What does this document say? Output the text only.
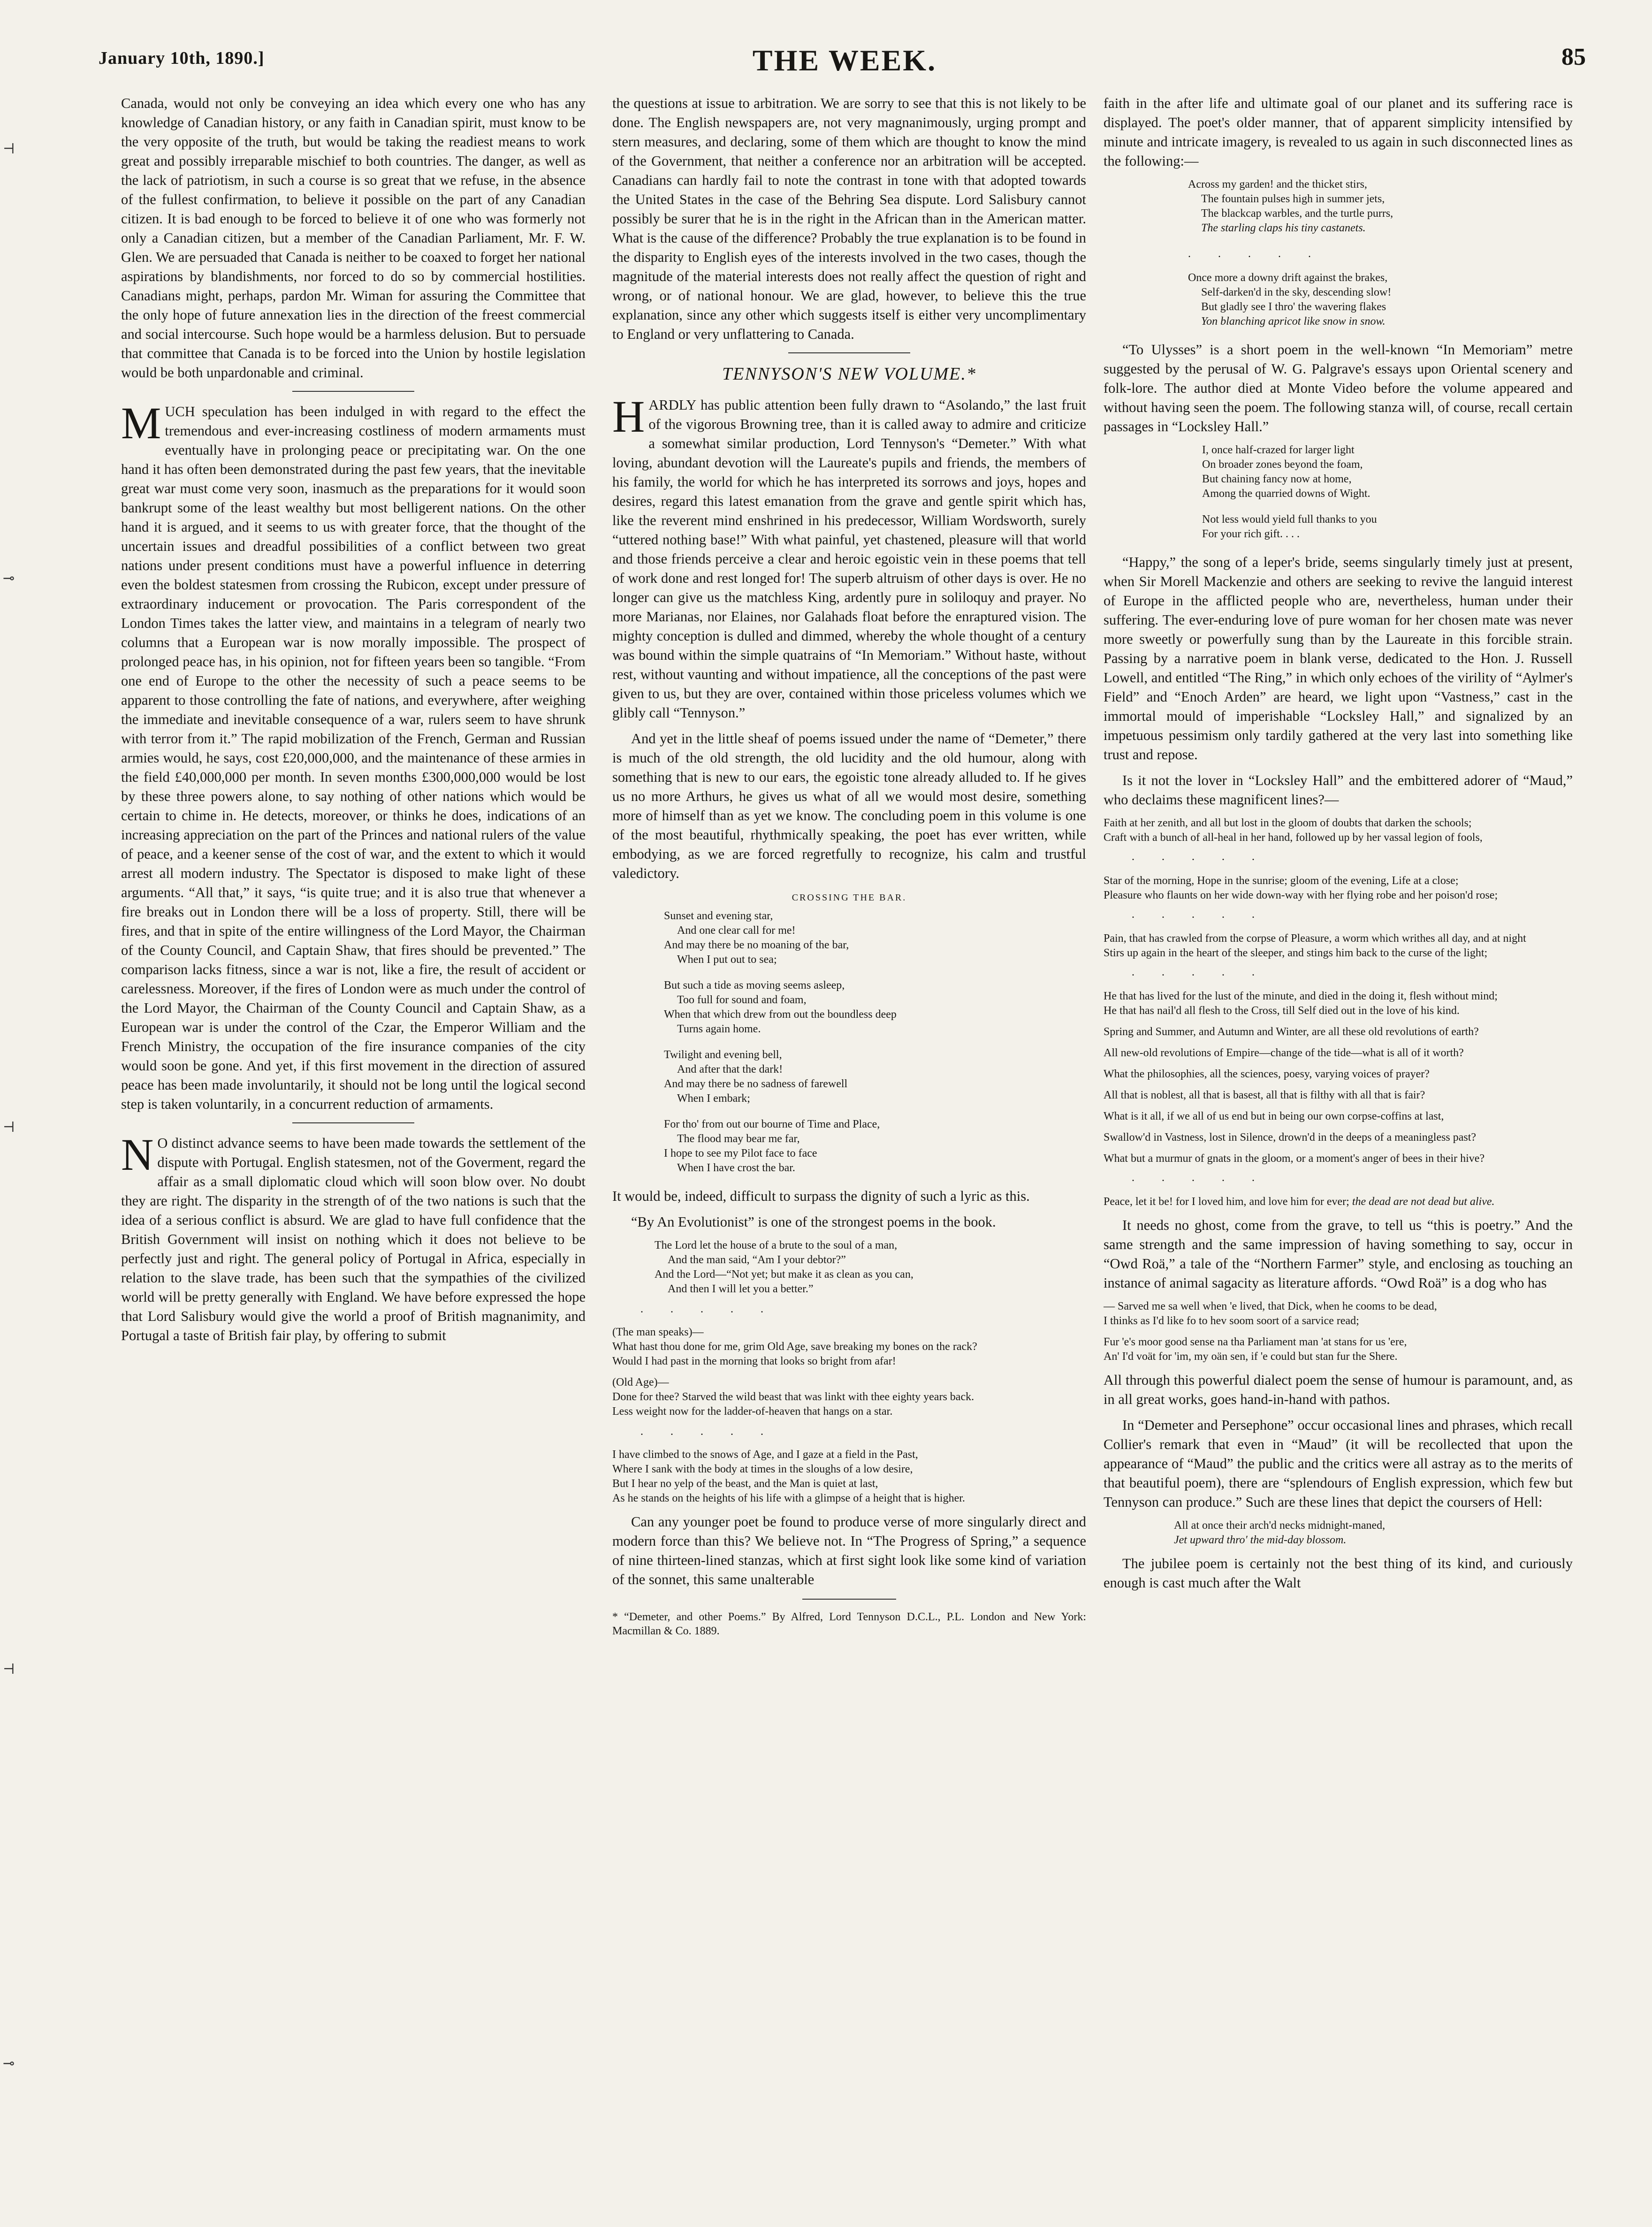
January 10th, 1890.]	THE WEEK.	85
⊣
⊸
⊣
⊣
⊸

Canada, would not only be conveying an idea which every one who has any knowledge of Canadian history, or any faith in Canadian spirit, must know to be the very opposite of the truth, but would be taking the readiest means to work great and possibly irreparable mischief to both countries. The danger, as well as the lack of patriotism, in such a course is so great that we refuse, in the absence of the fullest confirmation, to believe it possible on the part of any Canadian citizen. It is bad enough to be forced to believe it of one who was formerly not only a Canadian citizen, but a member of the Canadian Parliament, Mr. F. W. Glen. We are persuaded that Canada is neither to be coaxed to forget her national aspirations by blandishments, nor forced to do so by commercial hostilities. Canadians might, perhaps, pardon Mr. Wiman for assuring the Committee that the only hope of future annexation lies in the direction of the freest commercial and social intercourse. Such hope would be a harmless delusion. But to persuade that committee that Canada is to be forced into the Union by hostile legislation would be both unpardonable and criminal.

MUCH speculation has been indulged in with regard to the effect the tremendous and ever-increasing costliness of modern armaments must eventually have in prolonging peace or precipitating war. On the one hand it has often been demonstrated during the past few years, that the inevitable great war must come very soon, inasmuch as the preparations for it would soon bankrupt some of the least wealthy but most belligerent nations. On the other hand it is argued, and it seems to us with greater force, that the thought of the uncertain issues and dreadful possibilities of a conflict between two great nations under present conditions must have a powerful influence in deterring even the boldest statesmen from crossing the Rubicon, except under pressure of extraordinary inducement or provocation. The Paris correspondent of the London Times takes the latter view, and maintains in a telegram of nearly two columns that a European war is now morally impossible. The prospect of prolonged peace has, in his opinion, not for fifteen years been so tangible. “From one end of Europe to the other the necessity of such a peace seems to be apparent to those controlling the fate of nations, and everywhere, after weighing the immediate and inevitable consequence of a war, rulers seem to have shrunk with terror from it.” The rapid mobilization of the French, German and Russian armies would, he says, cost £20,000,000, and the maintenance of these armies in the field £40,000,000 per month. In seven months £300,000,000 would be lost by these three powers alone, to say nothing of other nations which would be certain to chime in. He detects, moreover, or thinks he does, indications of an increasing appreciation on the part of the Princes and national rulers of the value of peace, and a keener sense of the cost of war, and the extent to which it would arrest all modern industry. The Spectator is disposed to make light of these arguments. “All that,” it says, “is quite true; and it is also true that whenever a fire breaks out in London there will be a loss of property. Still, there will be fires, and that in spite of the entire willingness of the Lord Mayor, the Chairman of the County Council, and Captain Shaw, that fires should be prevented.” The comparison lacks fitness, since a war is not, like a fire, the result of accident or carelessness. Moreover, if the fires of London were as much under the control of the Lord Mayor, the Chairman of the County Council and Captain Shaw, as a European war is under the control of the Czar, the Emperor William and the French Ministry, the occupation of the fire insurance companies of the city would soon be gone. And yet, if this first movement in the direction of assured peace has been made involuntarily, it should not be long until the logical second step is taken voluntarily, in a concurrent reduction of armaments.

N O distinct advance seems to have been made towards the settlement of the dispute with Portugal. English statesmen, not of the Goverment, regard the affair as a small diplomatic cloud which will soon blow over. No doubt they are right. The disparity in the strength of of the two nations is such that the idea of a serious conflict is absurd. We are glad to have full confidence that the British Government will insist on nothing which it does not believe to be perfectly just and right. The general policy of Portugal in Africa, especially in relation to the slave trade, has been such that the sympathies of the civilized world will be pretty generally with England. We have before expressed the hope that Lord Salisbury would give the world a proof of British magnanimity, and Portugal a taste of British fair play, by offering to submit

the questions at issue to arbitration. We are sorry to see that this is not likely to be done. The English newspapers are, not very magnanimously, urging prompt and stern measures, and declaring, some of them which are thought to know the mind of the Government, that neither a conference nor an arbitration will be accepted. Canadians can hardly fail to note the contrast in tone with that adopted towards the United States in the case of the Behring Sea dispute. Lord Salisbury cannot possibly be surer that he is in the right in the African than in the American matter. What is the cause of the difference? Probably the true explanation is to be found in the disparity to English eyes of the interests involved in the two cases, though the magnitude of the material interests does not really affect the question of right and wrong, or of national honour. We are glad, however, to believe this the true explanation, since any other which suggests itself is either very uncomplimentary to England or very unflattering to Canada.

TENNYSON'S NEW VOLUME.*

HARDLY has public attention been fully drawn to “Asolando,” the last fruit of the vigorous Browning tree, than it is called away to admire and criticize a somewhat similar production, Lord Tennyson's “Demeter.” With what loving, abundant devotion will the Laureate's pupils and friends, the members of his family, the world for which he has interpreted its sorrows and joys, hopes and desires, regard this latest emanation from the grave and gentle spirit which has, like the reverent mind enshrined in his predecessor, William Wordsworth, surely “uttered nothing base!” With what painful, yet chastened, pleasure will that world and those friends perceive a clear and heroic egoistic vein in these poems that tell of work done and rest longed for! The superb altruism of other days is over. He no longer can give us the matchless King, ardently pure in soliloquy and prayer. No more Marianas, nor Elaines, nor Galahads float before the enraptured vision. The mighty conception is dulled and dimmed, whereby the whole thought of a century was bound within the simple quatrains of “In Memoriam.” Without haste, without rest, without vaunting and without impatience, all the conceptions of the past were given to us, but they are over, contained within those priceless volumes which we glibly call “Tennyson.”

And yet in the little sheaf of poems issued under the name of “Demeter,” there is much of the old strength, the old lucidity and the old humour, along with something that is new to our ears, the egoistic tone already alluded to. If he gives us no more Arthurs, he gives us what of all we would most desire, something more of himself than as yet we know. The concluding poem in this volume is one of the most beautiful, rhythmically speaking, the poet has ever written, while embodying, as we are forced regretfully to recognize, his calm and trustful valedictory.

CROSSING THE BAR.
Sunset and evening star,
And one clear call for me!
And may there be no moaning of the bar,
When I put out to sea;
But such a tide as moving seems asleep,
Too full for sound and foam,
When that which drew from out the boundless deep
Turns again home.
Twilight and evening bell,
And after that the dark!
And may there be no sadness of farewell
When I embark;
For tho' from out our bourne of Time and Place,
The flood may bear me far,
I hope to see my Pilot face to face
When I have crost the bar.

It would be, indeed, difficult to surpass the dignity of such a lyric as this.

“By An Evolutionist” is one of the strongest poems in the book.

The Lord let the house of a brute to the soul of a man,
And the man said, “Am I your debtor?”
And the Lord—“Not yet; but make it as clean as you can,
And then I will let you a better.”
.....
(The man speaks)—
What hast thou done for me, grim Old Age, save breaking my bones on the rack?
Would I had past in the morning that looks so bright from afar!
(Old Age)—
Done for thee? Starved the wild beast that was linkt with thee eighty years back.
Less weight now for the ladder-of-heaven that hangs on a star.
.....
I have climbed to the snows of Age, and I gaze at a field in the Past,
Where I sank with the body at times in the sloughs of a low desire,
But I hear no yelp of the beast, and the Man is quiet at last,
As he stands on the heights of his life with a glimpse of a height that is higher.

Can any younger poet be found to produce verse of more singularly direct and modern force than this? We believe not. In “The Progress of Spring,” a sequence of nine thirteen-lined stanzas, which at first sight look like some kind of variation of the sonnet, this same unalterable

* “Demeter, and other Poems.” By Alfred, Lord Tennyson D.C.L., P.L. London and New York: Macmillan & Co. 1889.

faith in the after life and ultimate goal of our planet and its suffering race is displayed. The poet's older manner, that of apparent simplicity intensified by minute and intricate imagery, is revealed to us again in such disconnected lines as the following:—

Across my garden! and the thicket stirs,
The fountain pulses high in summer jets,
The blackcap warbles, and the turtle purrs,
The starling claps his tiny castanets.
.....
Once more a downy drift against the brakes,
Self-darken'd in the sky, descending slow!
But gladly see I thro' the wavering flakes
Yon blanching apricot like snow in snow.

“To Ulysses” is a short poem in the well-known “In Memoriam” metre suggested by the perusal of W. G. Palgrave's essays upon Oriental scenery and folk-lore. The author died at Monte Video before the volume appeared and without having seen the poem. The following stanza will, of course, recall certain passages in “Locksley Hall.”

I, once half-crazed for larger light
On broader zones beyond the foam,
But chaining fancy now at home,
Among the quarried downs of Wight.
Not less would yield full thanks to you
For your rich gift. . . .

“Happy,” the song of a leper's bride, seems singularly timely just at present, when Sir Morell Mackenzie and others are seeking to revive the languid interest of Europe in the afflicted people who are, nevertheless, human under their suffering. The ever-enduring love of pure woman for her chosen mate was never more sweetly or powerfully sung than by the Laureate in this forcible strain. Passing by a narrative poem in blank verse, dedicated to the Hon. J. Russell Lowell, and entitled “The Ring,” in which only echoes of the virility of “Aylmer's Field” and “Enoch Arden” are heard, we light upon “Vastness,” cast in the immortal mould of imperishable “Locksley Hall,” and signalized by an impetuous pessimism only tardily gathered at the very last into something like trust and repose.

Is it not the lover in “Locksley Hall” and the embittered adorer of “Maud,” who declaims these magnificent lines?—

Faith at her zenith, and all but lost in the gloom of doubts that darken the schools;
Craft with a bunch of all-heal in her hand, followed up by her vassal legion of fools,
.....
Star of the morning, Hope in the sunrise; gloom of the evening, Life at a close;
Pleasure who flaunts on her wide down-way with her flying robe and her poison'd rose;
.....
Pain, that has crawled from the corpse of Pleasure, a worm which writhes all day, and at night
Stirs up again in the heart of the sleeper, and stings him back to the curse of the light;
.....
He that has lived for the lust of the minute, and died in the doing it, flesh without mind;
He that has nail'd all flesh to the Cross, till Self died out in the love of his kind.
Spring and Summer, and Autumn and Winter, are all these old revolutions of earth?
All new-old revolutions of Empire—change of the tide—what is all of it worth?
What the philosophies, all the sciences, poesy, varying voices of prayer?
All that is noblest, all that is basest, all that is filthy with all that is fair?
What is it all, if we all of us end but in being our own corpse-coffins at last,
Swallow'd in Vastness, lost in Silence, drown'd in the deeps of a meaningless past?
What but a murmur of gnats in the gloom, or a moment's anger of bees in their hive?
.....
Peace, let it be! for I loved him, and love him for ever; the dead are not dead but alive.

It needs no ghost, come from the grave, to tell us “this is poetry.” And the same strength and the same impression of having something to say, occur in “Owd Roä,” a tale of the “Northern Farmer” style, and enclosing as touching an instance of animal sagacity as literature affords. “Owd Roä” is a dog who has

— Sarved me sa well when 'e lived, that Dick, when he cooms to be dead,
I thinks as I'd like fo to hev soom soort of a sarvice read;
Fur 'e's moor good sense na tha Parliament man 'at stans for us 'ere,
An' I'd voät for 'im, my oän sen, if 'e could but stan fur the Shere.

All through this powerful dialect poem the sense of humour is paramount, and, as in all great works, goes hand-in-hand with pathos.

In “Demeter and Persephone” occur occasional lines and phrases, which recall Collier's remark that even in “Maud” (it will be recollected that upon the appearance of “Maud” the public and the critics were all astray as to the merits of that beautiful poem), there are “splendours of English expression, which few but Tennyson can produce.” Such are these lines that depict the coursers of Hell:

All at once their arch'd necks midnight-maned,
Jet upward thro' the mid-day blossom.

The jubilee poem is certainly not the best thing of its kind, and curiously enough is cast much after the Walt
